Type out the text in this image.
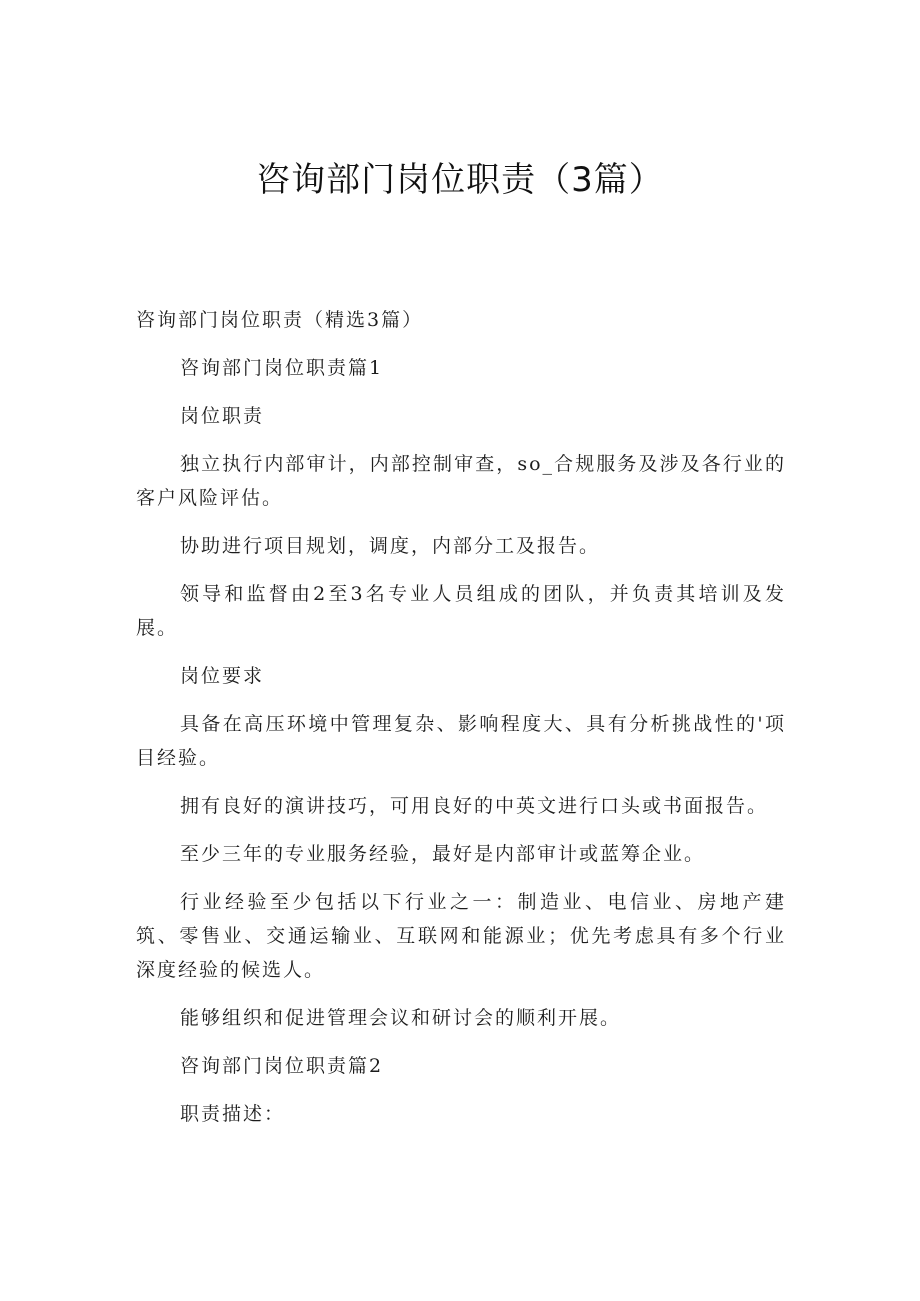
咨询部门岗位职责（3篇）

咨询部门岗位职责（精选3篇）

咨询部门岗位职责篇1

岗位职责

独立执行内部审计，内部控制审查，so_合规服务及涉及各行业的客户风险评估。

协助进行项目规划，调度，内部分工及报告。

领导和监督由2至3名专业人员组成的团队，并负责其培训及发展。

岗位要求

具备在高压环境中管理复杂、影响程度大、具有分析挑战性的'项目经验。

拥有良好的演讲技巧，可用良好的中英文进行口头或书面报告。

至少三年的专业服务经验，最好是内部审计或蓝筹企业。

行业经验至少包括以下行业之一：制造业、电信业、房地产建筑、零售业、交通运输业、互联网和能源业；优先考虑具有多个行业深度经验的候选人。

能够组织和促进管理会议和研讨会的顺利开展。

咨询部门岗位职责篇2

职责描述：
